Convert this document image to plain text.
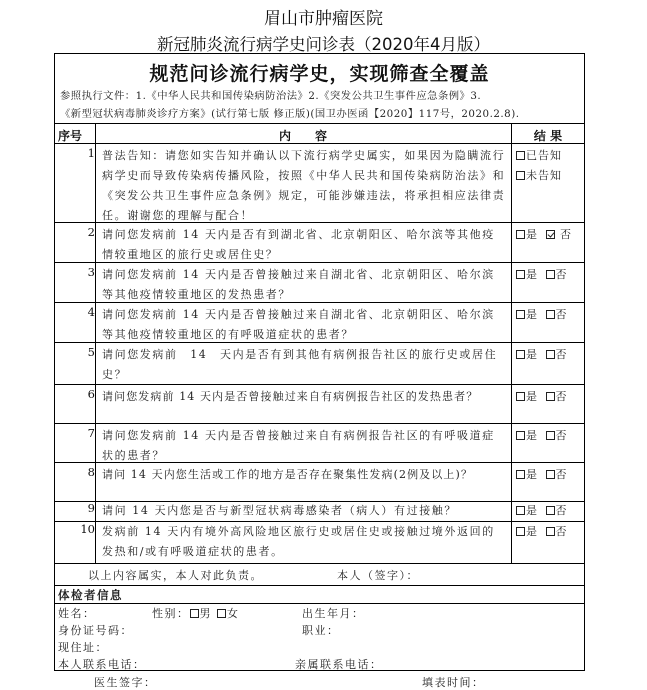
眉山市肿瘤医院
新冠肺炎流行病学史问诊表（2020年4月版）
规范问诊流行病学史，实现筛查全覆盖
参照执行文件：1.《中华人民共和国传染病防治法》2.《突发公共卫生事件应急条例》3.
《新型冠状病毒肺炎诊疗方案》(试行第七版 修正版)(国卫办医函【2020】117号，2020.2.8).
序号	内　　容	结 果
1 普法告知：请您如实告知并确认以下流行病学史属实，如果因为隐瞒流行病学史而导致传染病传播风险，按照《中华人民共和国传染病防治法》和《突发公共卫生事件应急条例》规定，可能涉嫌违法，将承担相应法律责任。谢谢您的理解与配合！
已告知
未告知
2 请问您发病前 14 天内是否有到湖北省、北京朝阳区、哈尔滨等其他疫情较重地区的旅行史或居住史？
是 否
3 请问您发病前 14 天内是否曾接触过来自湖北省、北京朝阳区、哈尔滨等其他疫情较重地区的发热患者？
是 否
4 请问您发病前 14 天内是否曾接触过来自湖北省、北京朝阳区、哈尔滨等其他疫情较重地区的有呼吸道症状的患者？
是 否
5 请问您发病前　14　天内是否有到其他有病例报告社区的旅行史或居住史？
是 否
6 请问您发病前 14 天内是否曾接触过来自有病例报告社区的发热患者？	是 否
7 请问您发病前 14 天内是否曾接触过来自有病例报告社区的有呼吸道症状的患者？
是 否
8 请问 14 天内您生活或工作的地方是否存在聚集性发病(2例及以上)？	是 否
9 请问 14 天内您是否与新型冠状病毒感染者（病人）有过接触？	是 否
10 发病前 14 天内有境外高风险地区旅行史或居住史或接触过境外返回的发热和/或有呼吸道症状的患者。
是 否
以上内容属实，本人对此负责。	本人（签字）：
体检者信息
姓名：	性别： 男 女	出生年月：
身份证号码：	职业：
现住址：
本人联系电话：	亲属联系电话：
医生签字：	填表时间：
